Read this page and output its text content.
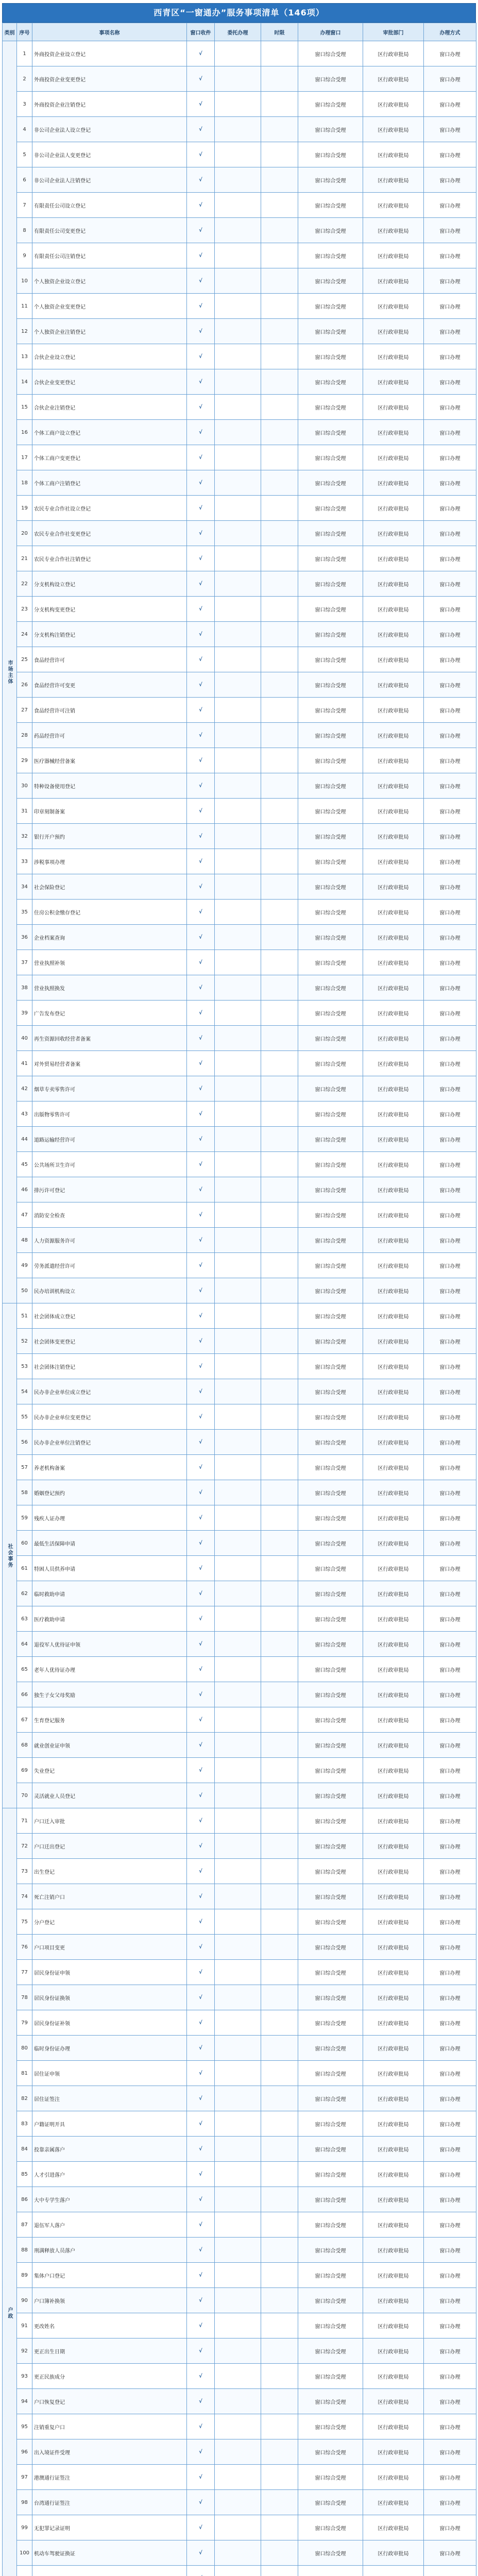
西青区“一窗通办”服务事项清单（146项）
类别	序号	事项名称	窗口收件	委托办理	时限	办理窗口	审批部门	办理方式
市场主体	1	外商投资企业设立登记	√			窗口综合受理	区行政审批局	窗口办理
	2	外商投资企业变更登记	√			窗口综合受理	区行政审批局	窗口办理
	3	外商投资企业注销登记	√			窗口综合受理	区行政审批局	窗口办理
	4	非公司企业法人设立登记	√			窗口综合受理	区行政审批局	窗口办理
	5	非公司企业法人变更登记	√			窗口综合受理	区行政审批局	窗口办理
	6	非公司企业法人注销登记	√			窗口综合受理	区行政审批局	窗口办理
	7	有限责任公司设立登记	√			窗口综合受理	区行政审批局	窗口办理
	8	有限责任公司变更登记	√			窗口综合受理	区行政审批局	窗口办理
	9	有限责任公司注销登记	√			窗口综合受理	区行政审批局	窗口办理
	10	个人独资企业设立登记	√			窗口综合受理	区行政审批局	窗口办理
	11	个人独资企业变更登记	√			窗口综合受理	区行政审批局	窗口办理
	12	个人独资企业注销登记	√			窗口综合受理	区行政审批局	窗口办理
	13	合伙企业设立登记	√			窗口综合受理	区行政审批局	窗口办理
	14	合伙企业变更登记	√			窗口综合受理	区行政审批局	窗口办理
	15	合伙企业注销登记	√			窗口综合受理	区行政审批局	窗口办理
	16	个体工商户设立登记	√			窗口综合受理	区行政审批局	窗口办理
	17	个体工商户变更登记	√			窗口综合受理	区行政审批局	窗口办理
	18	个体工商户注销登记	√			窗口综合受理	区行政审批局	窗口办理
	19	农民专业合作社设立登记	√			窗口综合受理	区行政审批局	窗口办理
	20	农民专业合作社变更登记	√			窗口综合受理	区行政审批局	窗口办理
	21	农民专业合作社注销登记	√			窗口综合受理	区行政审批局	窗口办理
	22	分支机构设立登记	√			窗口综合受理	区行政审批局	窗口办理
	23	分支机构变更登记	√			窗口综合受理	区行政审批局	窗口办理
	24	分支机构注销登记	√			窗口综合受理	区行政审批局	窗口办理
	25	食品经营许可	√			窗口综合受理	区行政审批局	窗口办理
	26	食品经营许可变更	√			窗口综合受理	区行政审批局	窗口办理
	27	食品经营许可注销	√			窗口综合受理	区行政审批局	窗口办理
	28	药品经营许可	√			窗口综合受理	区行政审批局	窗口办理
	29	医疗器械经营备案	√			窗口综合受理	区行政审批局	窗口办理
	30	特种设备使用登记	√			窗口综合受理	区行政审批局	窗口办理
	31	印章刻制备案	√			窗口综合受理	区行政审批局	窗口办理
	32	银行开户预约	√			窗口综合受理	区行政审批局	窗口办理
	33	涉税事项办理	√			窗口综合受理	区行政审批局	窗口办理
	34	社会保险登记	√			窗口综合受理	区行政审批局	窗口办理
	35	住房公积金缴存登记	√			窗口综合受理	区行政审批局	窗口办理
	36	企业档案查询	√			窗口综合受理	区行政审批局	窗口办理
	37	营业执照补领	√			窗口综合受理	区行政审批局	窗口办理
	38	营业执照换发	√			窗口综合受理	区行政审批局	窗口办理
	39	广告发布登记	√			窗口综合受理	区行政审批局	窗口办理
	40	再生资源回收经营者备案	√			窗口综合受理	区行政审批局	窗口办理
	41	对外贸易经营者备案	√			窗口综合受理	区行政审批局	窗口办理
	42	烟草专卖零售许可	√			窗口综合受理	区行政审批局	窗口办理
	43	出版物零售许可	√			窗口综合受理	区行政审批局	窗口办理
	44	道路运输经营许可	√			窗口综合受理	区行政审批局	窗口办理
	45	公共场所卫生许可	√			窗口综合受理	区行政审批局	窗口办理
	46	排污许可登记	√			窗口综合受理	区行政审批局	窗口办理
	47	消防安全检查	√			窗口综合受理	区行政审批局	窗口办理
	48	人力资源服务许可	√			窗口综合受理	区行政审批局	窗口办理
	49	劳务派遣经营许可	√			窗口综合受理	区行政审批局	窗口办理
	50	民办培训机构设立	√			窗口综合受理	区行政审批局	窗口办理
社会事务	51	社会团体成立登记	√			窗口综合受理	区行政审批局	窗口办理
	52	社会团体变更登记	√			窗口综合受理	区行政审批局	窗口办理
	53	社会团体注销登记	√			窗口综合受理	区行政审批局	窗口办理
	54	民办非企业单位成立登记	√			窗口综合受理	区行政审批局	窗口办理
	55	民办非企业单位变更登记	√			窗口综合受理	区行政审批局	窗口办理
	56	民办非企业单位注销登记	√			窗口综合受理	区行政审批局	窗口办理
	57	养老机构备案	√			窗口综合受理	区行政审批局	窗口办理
	58	婚姻登记预约	√			窗口综合受理	区行政审批局	窗口办理
	59	残疾人证办理	√			窗口综合受理	区行政审批局	窗口办理
	60	最低生活保障申请	√			窗口综合受理	区行政审批局	窗口办理
	61	特困人员供养申请	√			窗口综合受理	区行政审批局	窗口办理
	62	临时救助申请	√			窗口综合受理	区行政审批局	窗口办理
	63	医疗救助申请	√			窗口综合受理	区行政审批局	窗口办理
	64	退役军人优待证申领	√			窗口综合受理	区行政审批局	窗口办理
	65	老年人优待证办理	√			窗口综合受理	区行政审批局	窗口办理
	66	独生子女父母奖励	√			窗口综合受理	区行政审批局	窗口办理
	67	生育登记服务	√			窗口综合受理	区行政审批局	窗口办理
	68	就业创业证申领	√			窗口综合受理	区行政审批局	窗口办理
	69	失业登记	√			窗口综合受理	区行政审批局	窗口办理
	70	灵活就业人员登记	√			窗口综合受理	区行政审批局	窗口办理
户政	71	户口迁入审批	√			窗口综合受理	区行政审批局	窗口办理
	72	户口迁出登记	√			窗口综合受理	区行政审批局	窗口办理
	73	出生登记	√			窗口综合受理	区行政审批局	窗口办理
	74	死亡注销户口	√			窗口综合受理	区行政审批局	窗口办理
	75	分户登记	√			窗口综合受理	区行政审批局	窗口办理
	76	户口项目变更	√			窗口综合受理	区行政审批局	窗口办理
	77	居民身份证申领	√			窗口综合受理	区行政审批局	窗口办理
	78	居民身份证换领	√			窗口综合受理	区行政审批局	窗口办理
	79	居民身份证补领	√			窗口综合受理	区行政审批局	窗口办理
	80	临时身份证办理	√			窗口综合受理	区行政审批局	窗口办理
	81	居住证申领	√			窗口综合受理	区行政审批局	窗口办理
	82	居住证签注	√			窗口综合受理	区行政审批局	窗口办理
	83	户籍证明开具	√			窗口综合受理	区行政审批局	窗口办理
	84	投靠亲属落户	√			窗口综合受理	区行政审批局	窗口办理
	85	人才引进落户	√			窗口综合受理	区行政审批局	窗口办理
	86	大中专学生落户	√			窗口综合受理	区行政审批局	窗口办理
	87	退伍军人落户	√			窗口综合受理	区行政审批局	窗口办理
	88	刑满释放人员落户	√			窗口综合受理	区行政审批局	窗口办理
	89	集体户口登记	√			窗口综合受理	区行政审批局	窗口办理
	90	户口簿补换领	√			窗口综合受理	区行政审批局	窗口办理
	91	更改姓名	√			窗口综合受理	区行政审批局	窗口办理
	92	更正出生日期	√			窗口综合受理	区行政审批局	窗口办理
	93	更正民族成分	√			窗口综合受理	区行政审批局	窗口办理
	94	户口恢复登记	√			窗口综合受理	区行政审批局	窗口办理
	95	注销重复户口	√			窗口综合受理	区行政审批局	窗口办理
	96	出入境证件受理	√			窗口综合受理	区行政审批局	窗口办理
	97	港澳通行证签注	√			窗口综合受理	区行政审批局	窗口办理
	98	台湾通行证签注	√			窗口综合受理	区行政审批局	窗口办理
	99	无犯罪记录证明	√			窗口综合受理	区行政审批局	窗口办理
	100	机动车驾驶证换证	√			窗口综合受理	区行政审批局	窗口办理
